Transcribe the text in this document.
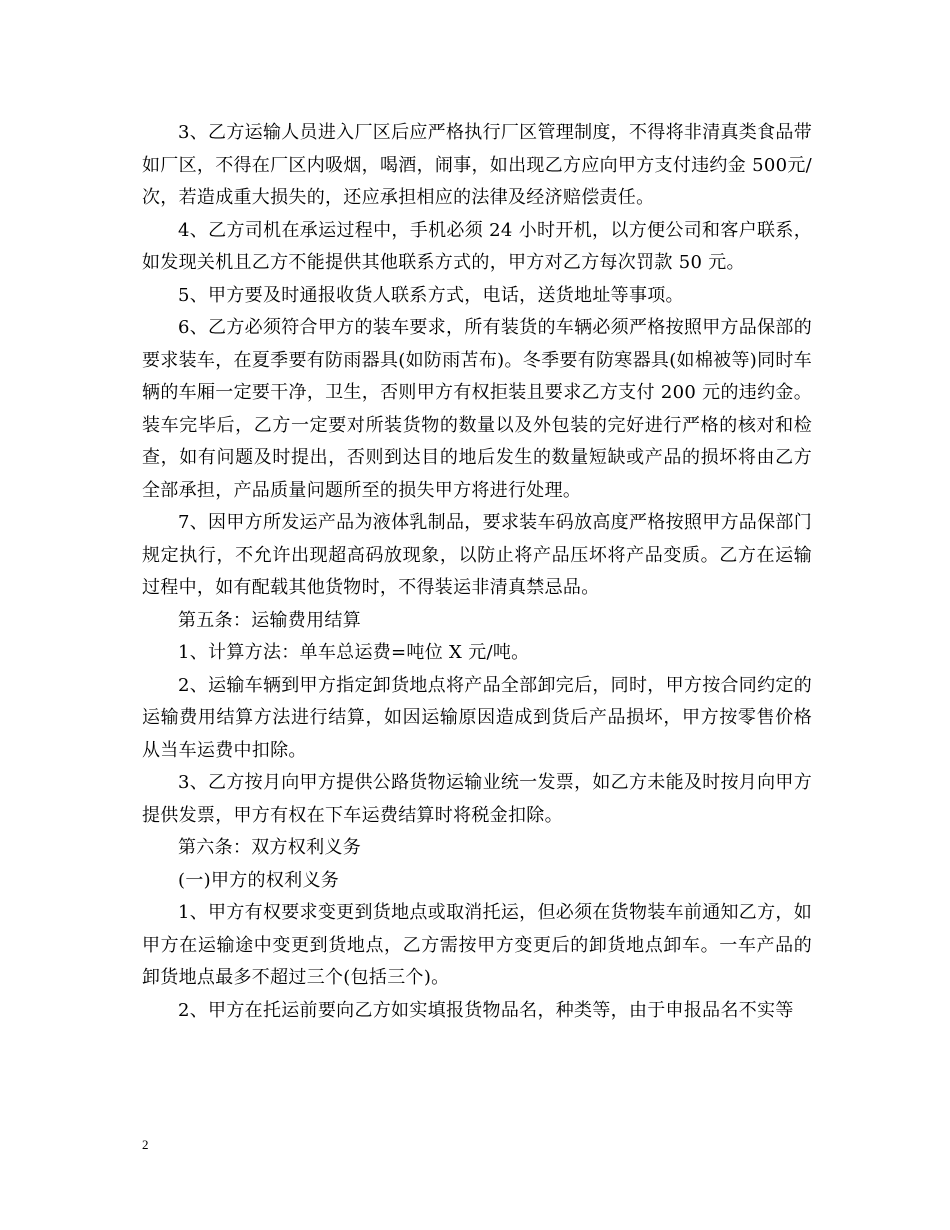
3、乙方运输人员进入厂区后应严格执行厂区管理制度，不得将非清真类食品带如厂区，不得在厂区内吸烟，喝酒，闹事，如出现乙方应向甲方支付违约金 500元/次，若造成重大损失的，还应承担相应的法律及经济赔偿责任。

4、乙方司机在承运过程中，手机必须 24 小时开机，以方便公司和客户联系，如发现关机且乙方不能提供其他联系方式的，甲方对乙方每次罚款 50 元。

5、甲方要及时通报收货人联系方式，电话，送货地址等事项。

6、乙方必须符合甲方的装车要求，所有装货的车辆必须严格按照甲方品保部的要求装车，在夏季要有防雨器具(如防雨苫布)。冬季要有防寒器具(如棉被等)同时车辆的车厢一定要干净，卫生，否则甲方有权拒装且要求乙方支付 200 元的违约金。装车完毕后，乙方一定要对所装货物的数量以及外包装的完好进行严格的核对和检查，如有问题及时提出，否则到达目的地后发生的数量短缺或产品的损坏将由乙方全部承担，产品质量问题所至的损失甲方将进行处理。

7、因甲方所发运产品为液体乳制品，要求装车码放高度严格按照甲方品保部门规定执行，不允许出现超高码放现象，以防止将产品压坏将产品变质。乙方在运输过程中，如有配载其他货物时，不得装运非清真禁忌品。

第五条：运输费用结算

1、计算方法：单车总运费=吨位 X 元/吨。

2、运输车辆到甲方指定卸货地点将产品全部卸完后，同时，甲方按合同约定的运输费用结算方法进行结算，如因运输原因造成到货后产品损坏，甲方按零售价格从当车运费中扣除。

3、乙方按月向甲方提供公路货物运输业统一发票，如乙方未能及时按月向甲方提供发票，甲方有权在下车运费结算时将税金扣除。

第六条：双方权利义务

(一)甲方的权利义务

1、甲方有权要求变更到货地点或取消托运，但必须在货物装车前通知乙方，如甲方在运输途中变更到货地点，乙方需按甲方变更后的卸货地点卸车。一车产品的卸货地点最多不超过三个(包括三个)。

2、甲方在托运前要向乙方如实填报货物品名，种类等，由于申报品名不实等

2
